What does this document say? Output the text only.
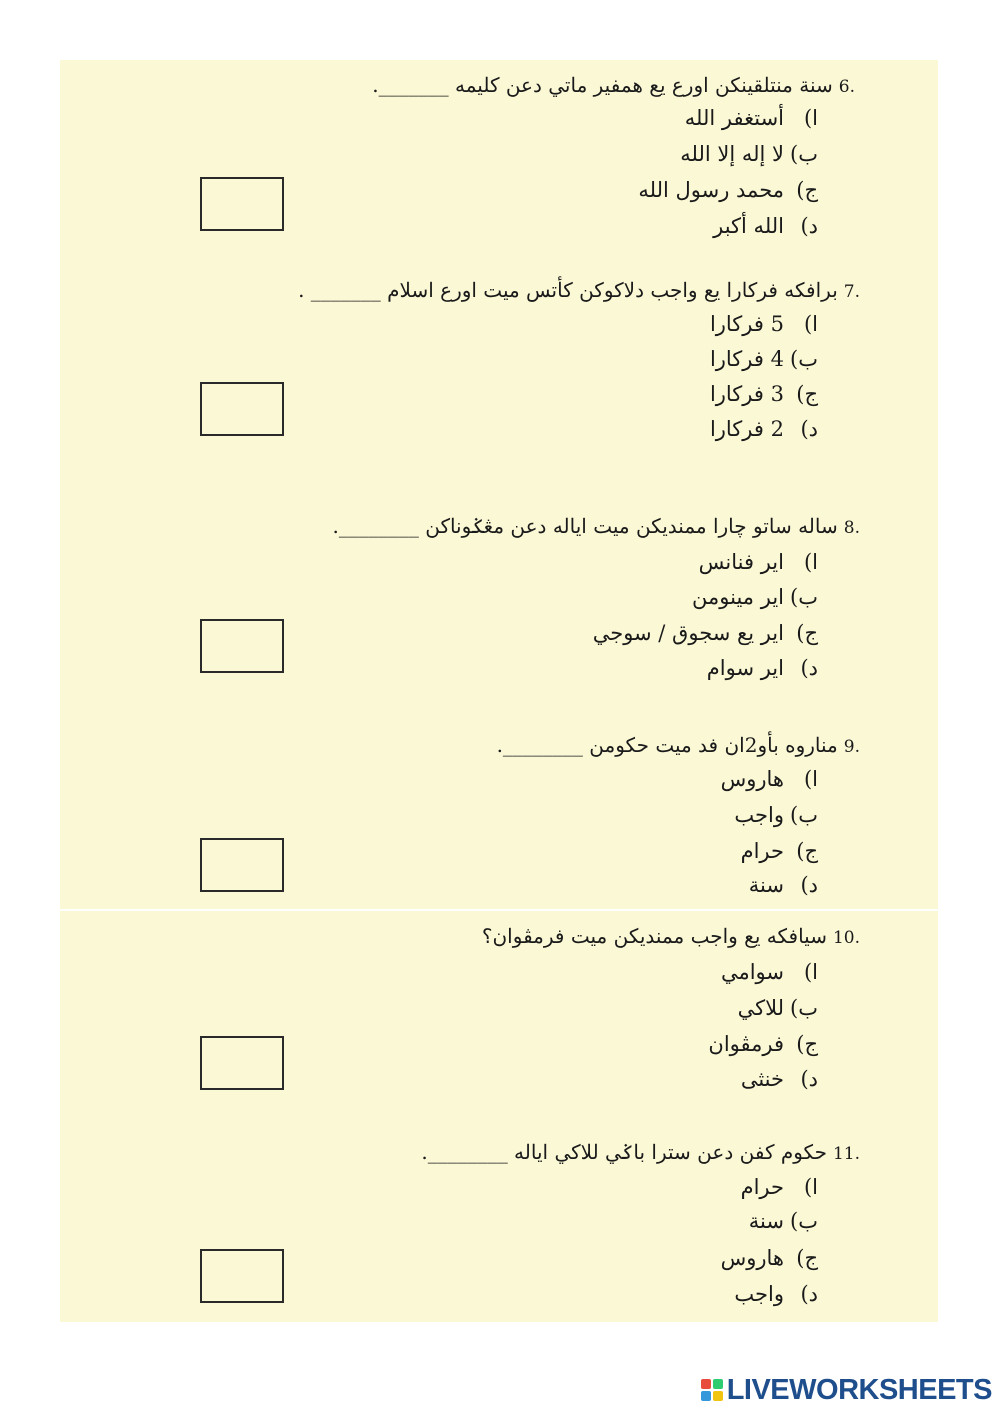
.6سنة منتلقينكن اورع يع همفير ماتي دعن كليمه _______.
ا)أستغفر الله
ب)لا إله إلا الله
ج)محمد رسول الله
د)الله أكبر
.7برافكه فركارا يع واجب دلاكوكن كأتس ميت اورع اسلام _______ .
ا)5 فركارا
ب)4 فركارا
ج)3 فركارا
د)2 فركارا
.8ساله ساتو چارا ممنديكن ميت اياله دعن مڠݢوناكن ________.
ا)اير فنانس
ب)اير مينومن
ج)اير يع سجوق / سوجي
د)اير سوام
.9مناروه بأو2ان فد ميت حكومن ________.
ا)هاروس
ب)واجب
ج)حرام
د)سنة
.10سيافكه يع واجب ممنديكن ميت فرمڤوان؟
ا)سوامي
ب)للاكي
ج)فرمڤوان
د)خنثى
.11حكوم كفن دعن سترا باݢي للاكي اياله ________.
ا)حرام
ب)سنة
ج)هاروس
د)واجب
LIVEWORKSHEETS
